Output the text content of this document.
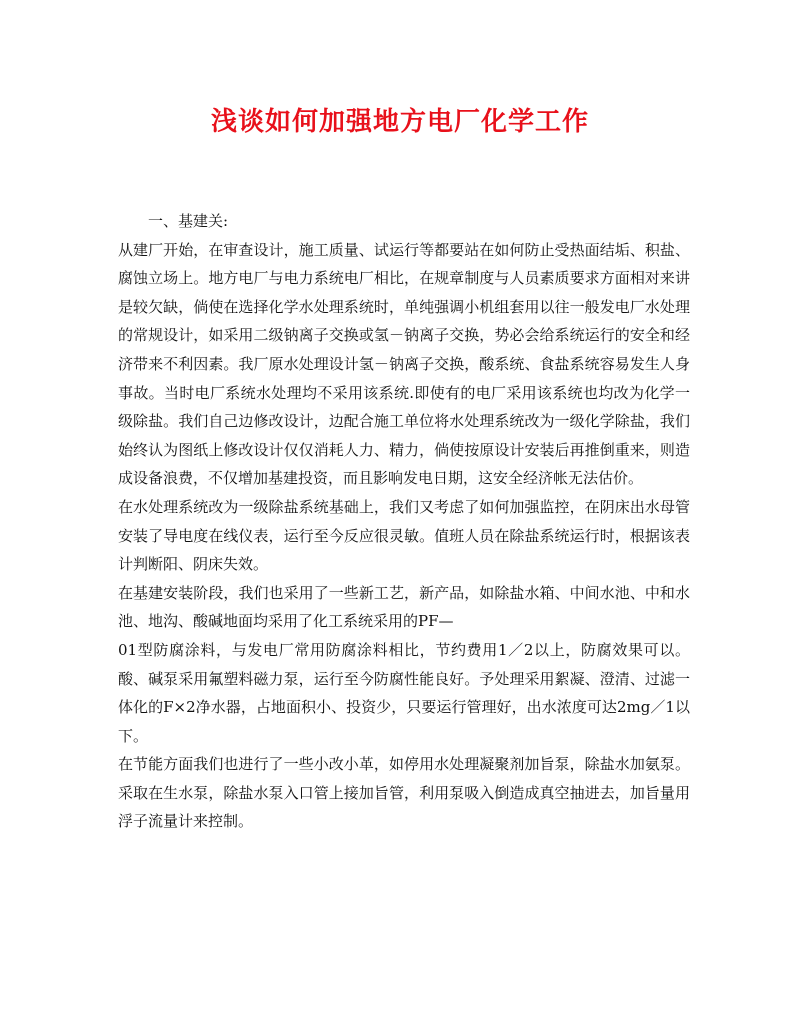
浅谈如何加强地方电厂化学工作

一、基建关:

从建厂开始，在审查设计，施工质量、试运行等都要站在如何防止受热面结垢、积盐、腐蚀立场上。地方电厂与电力系统电厂相比，在规章制度与人员素质要求方面相对来讲是较欠缺，倘使在选择化学水处理系统时，单纯强调小机组套用以往一般发电厂水处理的常规设计，如采用二级钠离子交换或氢－钠离子交换，势必会给系统运行的安全和经济带来不利因素。我厂原水处理设计氢－钠离子交换，酸系统、食盐系统容易发生人身事故。当时电厂系统水处理均不采用该系统.即使有的电厂采用该系统也均改为化学一级除盐。我们自己边修改设计，边配合施工单位将水处理系统改为一级化学除盐，我们始终认为图纸上修改设计仅仅消耗人力、精力，倘使按原设计安装后再推倒重来，则造成设备浪费，不仅增加基建投资，而且影响发电日期，这安全经济帐无法估价。

在水处理系统改为一级除盐系统基础上，我们又考虑了如何加强监控，在阴床出水母管安装了导电度在线仪表，运行至今反应很灵敏。值班人员在除盐系统运行时，根据该表计判断阳、阴床失效。

在基建安装阶段，我们也采用了一些新工艺，新产品，如除盐水箱、中间水池、中和水池、地沟、酸碱地面均采用了化工系统采用的PF—

01型防腐涂料，与发电厂常用防腐涂料相比，节约费用1／2以上，防腐效果可以。酸、碱泵采用氟塑料磁力泵，运行至今防腐性能良好。予处理采用絮凝、澄清、过滤一体化的F×2净水器，占地面积小、投资少，只要运行管理好，出水浓度可达2mg／1以下。

在节能方面我们也进行了一些小改小革，如停用水处理凝聚剂加旨泵，除盐水加氨泵。采取在生水泵，除盐水泵入口管上接加旨管，利用泵吸入倒造成真空抽进去，加旨量用浮子流量计来控制。
